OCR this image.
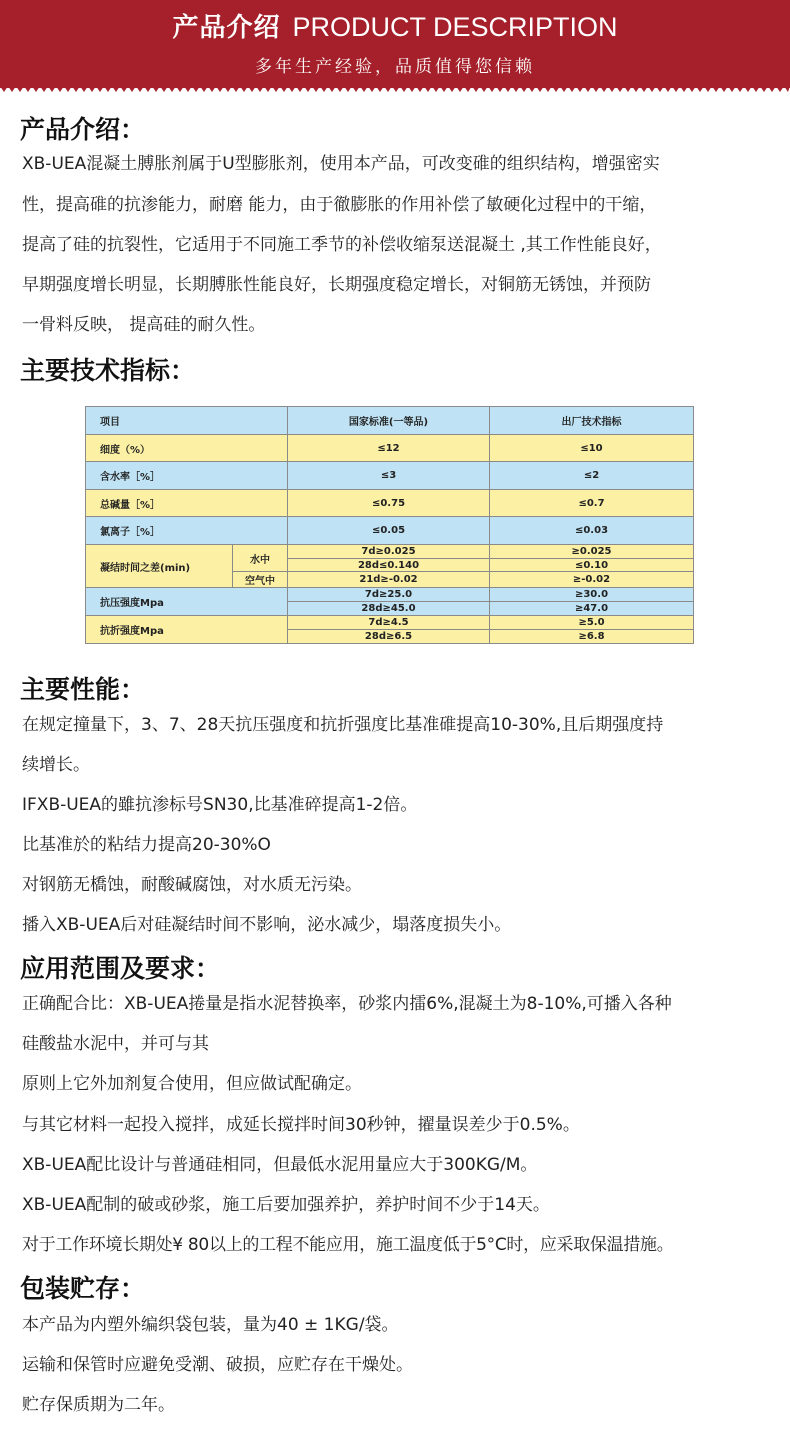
产品介绍 PRODUCT DESCRIPTION
多年生产经验，品质值得您信赖
产品介绍：

XB-UEA混凝土膊胀剂属于U型膨胀剂，使用本产品，可改变碓的组织结构，增强密实

性，提高碓的抗渗能力，耐磨 能力，由于徹膨胀的作用补偿了敏硬化过程中的干缩，

提高了硅的抗裂性，它适用于不同施工季节的补偿收缩泵送混凝土 ,其工作性能良好，

早期强度增长明显，长期膊胀性能良好，长期强度稳定增长，对铜筋无锈蚀，并预防

一骨料反映， 提高硅的耐久性。

主要技术指标：
项目		国家标准(一等品)	出厂技术指标
细度（%）		≤12	≤10
含水率［%］		≤3	≤2
总碱量［%］		≤0.75	≤0.7
氯离子［%］		≤0.05	≤0.03
凝结时间之差(min)	水中	7d≥0.025	≥0.025
		28d≤0.140	≤0.10
	空气中	21d≥-0.02	≥-0.02
抗压强度Mpa		7d≥25.0	≥30.0
		28d≥45.0	≥47.0
抗折强度Mpa		7d≥4.5	≥5.0
		28d≥6.5	≥6.8
主要性能：

在规定撞量下，3、7、28天抗压强度和抗折强度比基准碓提高10-30%,且后期强度持

续增长。

IFXB-UEA的雖抗渗标号SN30,比基准碎提高1-2倍。

比基准於的粘结力提高20-30%O

对钢筋无橋蚀，耐酸碱腐蚀，对水质无污染。

播入XB-UEA后对硅凝结时间不影响，泌水减少，塌落度损失小。

应用范围及要求：

正确配合比：XB-UEA捲量是指水泥替换率，砂浆内擂6%,混凝土为8-10%,可播入各种

硅酸盐水泥中，并可与其

原则上它外加剂复合使用，但应做试配确定。

与其它材料一起投入搅拌，成延长搅拌时间30秒钟，擢量误差少于0.5%。

XB-UEA配比设计与普通硅相同，但最低水泥用量应大于300KG/M。

XB-UEA配制的破或砂浆，施工后要加强养护，养护时间不少于14天。

对于工作环境长期处¥ 80以上的工程不能应用，施工温度低于5°C时，应采取保温措施。

包装贮存：

本产品为内塑外编织袋包装，量为40 ± 1KG/袋。

运输和保管时应避免受潮、破损，应贮存在干燥处。

贮存保质期为二年。
